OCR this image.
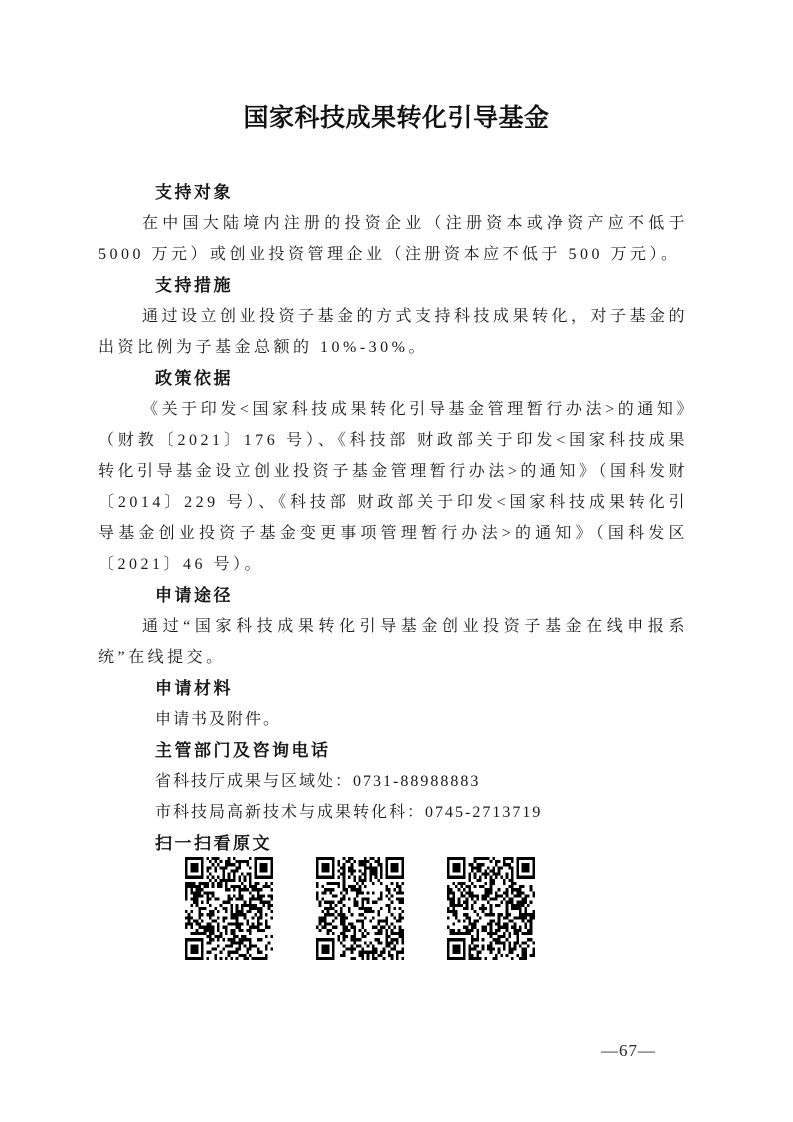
国家科技成果转化引导基金
支持对象

在中国大陆境内注册的投资企业（注册资本或净资产应不低于 5000 万元）或创业投资管理企业（注册资本应不低于 500 万元）。

支持措施

通过设立创业投资子基金的方式支持科技成果转化，对子基金的出资比例为子基金总额的 10%-30%。

政策依据

《关于印发<国家科技成果转化引导基金管理暂行办法>的通知》（财教〔2021〕176 号）、《科技部 财政部关于印发<国家科技成果转化引导基金设立创业投资子基金管理暂行办法>的通知》（国科发财〔2014〕229 号）、《科技部 财政部关于印发<国家科技成果转化引导基金创业投资子基金变更事项管理暂行办法>的通知》（国科发区〔2021〕46 号）。

申请途径

通过“国家科技成果转化引导基金创业投资子基金在线申报系统”在线提交。

申请材料

申请书及附件。

主管部门及咨询电话

省科技厅成果与区域处：0731-88988883

市科技局高新技术与成果转化科：0745-2713719

扫一扫看原文
—67—
